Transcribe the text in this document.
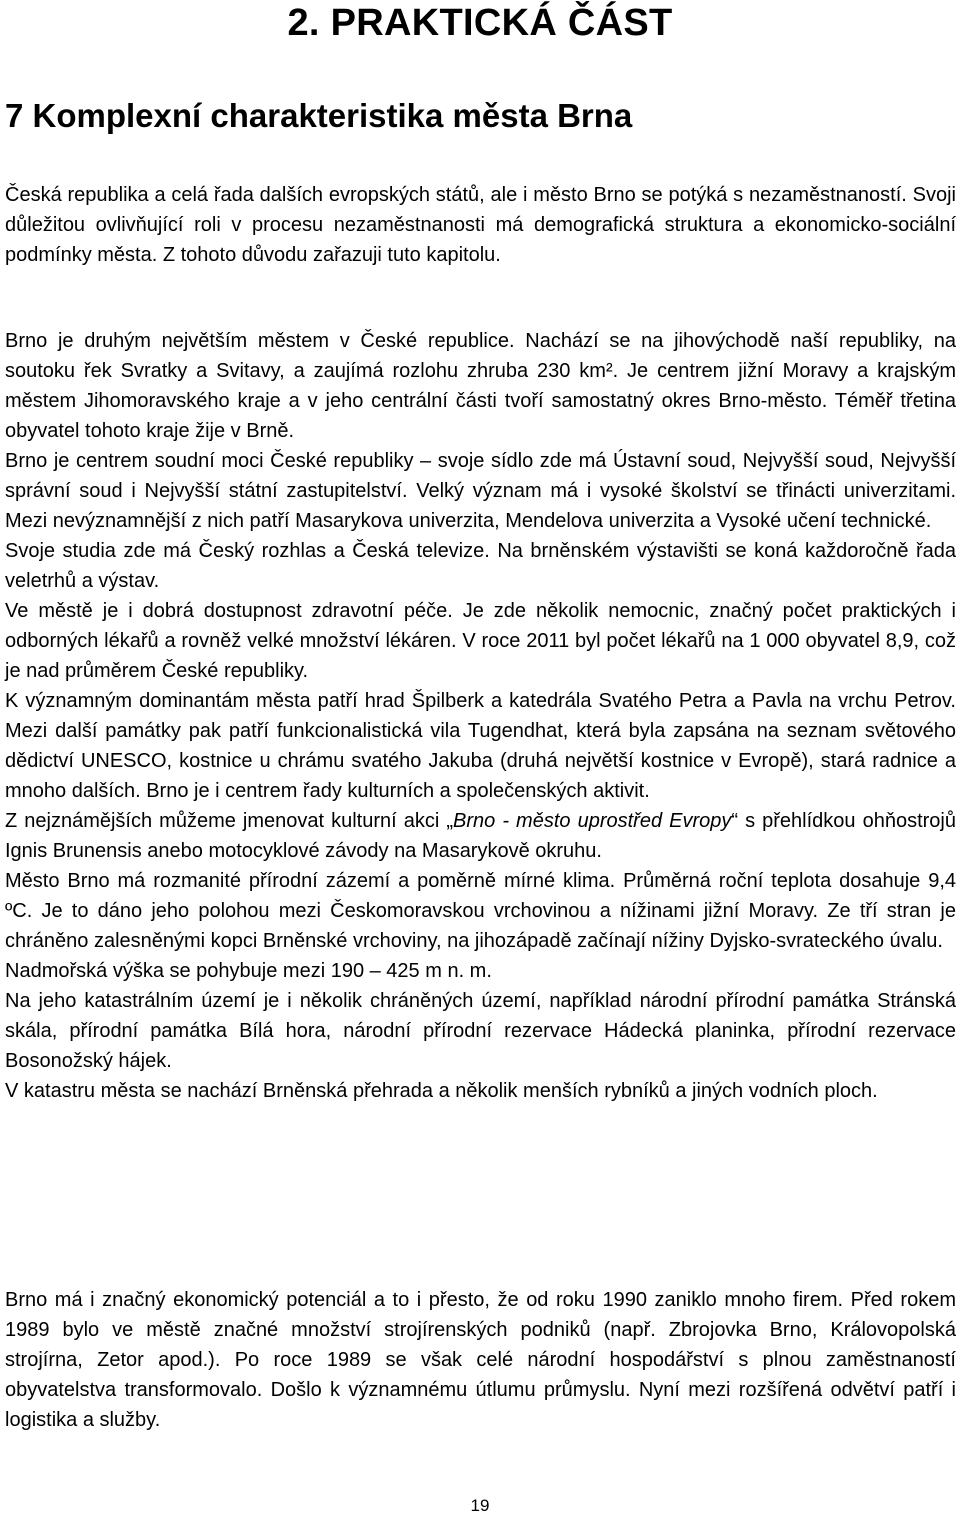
2. PRAKTICKÁ ČÁST
7 Komplexní charakteristika města Brna

Česká republika a celá řada dalších evropských států, ale i město Brno se potýká s nezaměstnaností. Svoji důležitou ovlivňující roli v procesu nezaměstnanosti má demografická struktura a ekonomicko-sociální podmínky města. Z tohoto důvodu zařazuji tuto kapitolu.

Brno je druhým největším městem v České republice. Nachází se na jihovýchodě naší republiky, na soutoku řek Svratky a Svitavy, a zaujímá rozlohu zhruba 230 km². Je centrem jižní Moravy a krajským městem Jihomoravského kraje a v jeho centrální části tvoří samostatný okres Brno-město. Téměř třetina obyvatel tohoto kraje žije v Brně.

Brno je centrem soudní moci České republiky – svoje sídlo zde má Ústavní soud, Nejvyšší soud, Nejvyšší správní soud i Nejvyšší státní zastupitelství. Velký význam má i vysoké školství se třinácti univerzitami. Mezi nevýznamnější z nich patří Masarykova univerzita, Mendelova univerzita a Vysoké učení technické.

Svoje studia zde má Český rozhlas a Česká televize. Na brněnském výstavišti se koná každoročně řada veletrhů a výstav.

Ve městě je i dobrá dostupnost zdravotní péče. Je zde několik nemocnic, značný počet praktických i odborných lékařů a rovněž velké množství lékáren. V roce 2011 byl počet lékařů na 1 000 obyvatel 8,9, což je nad průměrem České republiky.

K významným dominantám města patří hrad Špilberk a katedrála Svatého Petra a Pavla na vrchu Petrov. Mezi další památky pak patří funkcionalistická vila Tugendhat, která byla zapsána na seznam světového dědictví UNESCO, kostnice u chrámu svatého Jakuba (druhá největší kostnice v Evropě), stará radnice a mnoho dalších. Brno je i centrem řady kulturních a společenských aktivit.

Z nejznámějších můžeme jmenovat kulturní akci „Brno - město uprostřed Evropy“ s přehlídkou ohňostrojů Ignis Brunensis anebo motocyklové závody na Masarykově okruhu.

Město Brno má rozmanité přírodní zázemí a poměrně mírné klima. Průměrná roční teplota dosahuje 9,4 ºC. Je to dáno jeho polohou mezi Českomoravskou vrchovinou a nížinami jižní Moravy. Ze tří stran je chráněno zalesněnými kopci Brněnské vrchoviny, na jihozápadě začínají nížiny Dyjsko-svrateckého úvalu.

Nadmořská výška se pohybuje mezi 190 – 425 m n. m.

Na jeho katastrálním území je i několik chráněných území, například národní přírodní památka Stránská skála, přírodní památka Bílá hora, národní přírodní rezervace Hádecká planinka, přírodní rezervace Bosonožský hájek.

V katastru města se nachází Brněnská přehrada a několik menších rybníků a jiných vodních ploch.

Brno má i značný ekonomický potenciál a to i přesto, že od roku 1990 zaniklo mnoho firem. Před rokem 1989 bylo ve městě značné množství strojírenských podniků (např. Zbrojovka Brno, Královopolská strojírna, Zetor apod.). Po roce 1989 se však celé národní hospodářství s plnou zaměstnaností obyvatelstva transformovalo. Došlo k významnému útlumu průmyslu. Nyní mezi rozšířená odvětví patří i logistika a služby.

19
